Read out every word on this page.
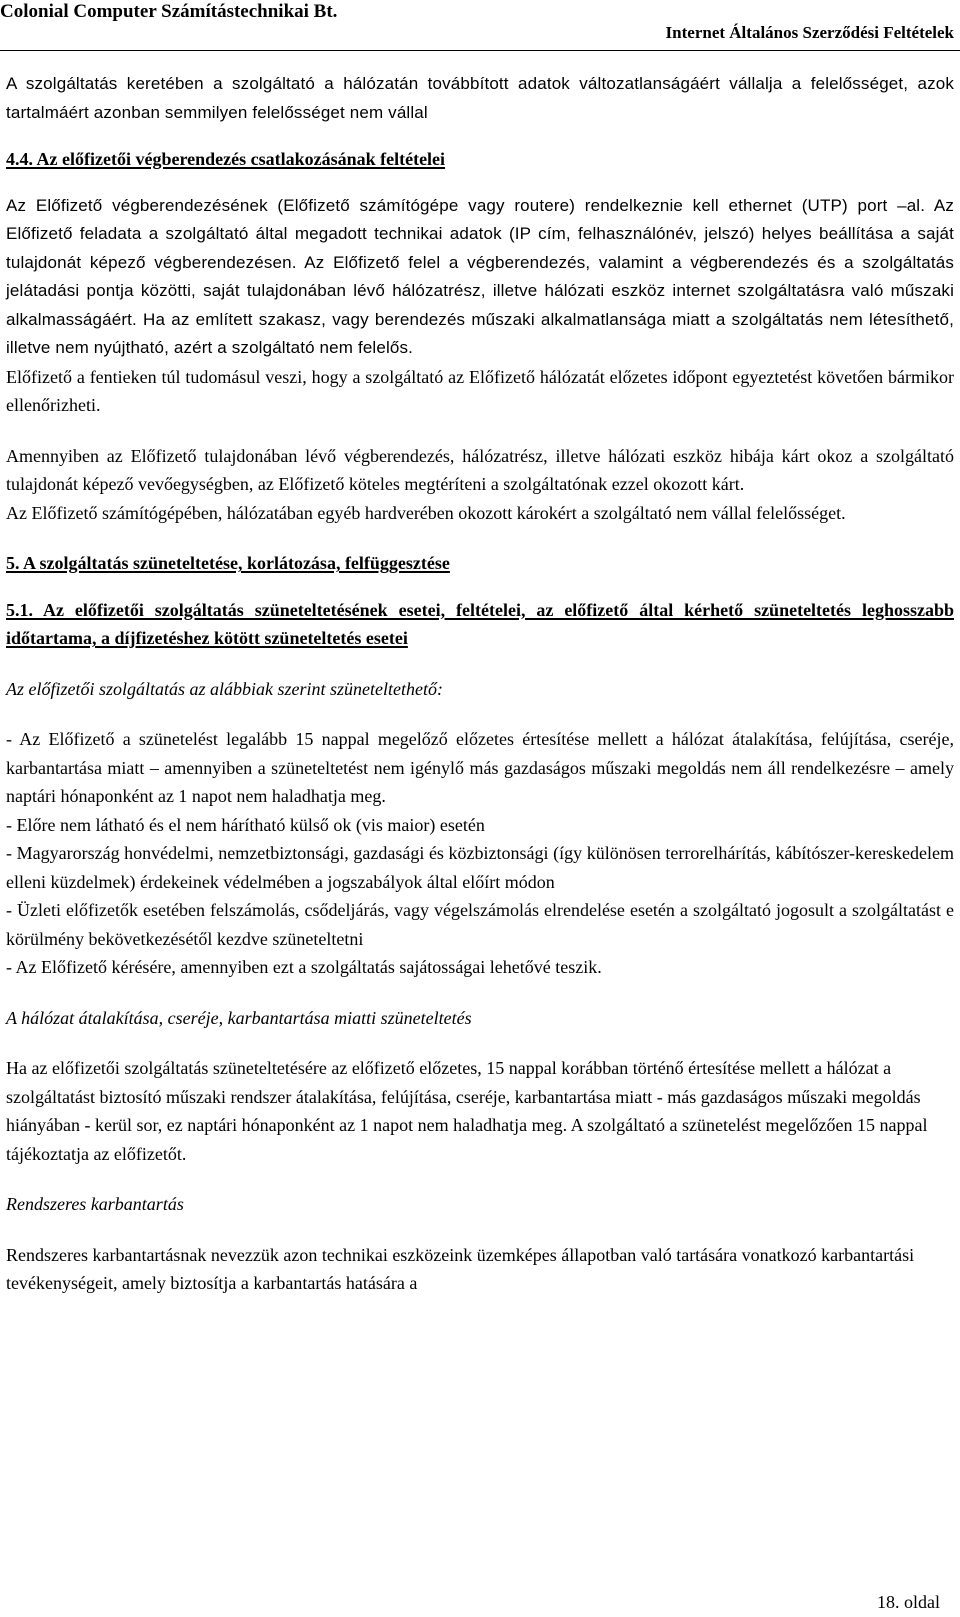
Colonial Computer Számítástechnikai Bt.
Internet Általános Szerződési Feltételek

A szolgáltatás keretében a szolgáltató a hálózatán továbbított adatok változatlanságáért vállalja a felelősséget, azok tartalmáért azonban semmilyen felelősséget nem vállal

4.4. Az előfizetői végberendezés csatlakozásának feltételei

Az Előfizető végberendezésének (Előfizető számítógépe vagy routere) rendelkeznie kell ethernet (UTP) port –al. Az Előfizető feladata a szolgáltató által megadott technikai adatok (IP cím, felhasználónév, jelszó) helyes beállítása a saját tulajdonát képező végberendezésen. Az Előfizető felel a végberendezés, valamint a végberendezés és a szolgáltatás jelátadási pontja közötti, saját tulajdonában lévő hálózatrész, illetve hálózati eszköz internet szolgáltatásra való műszaki alkalmasságáért. Ha az említett szakasz, vagy berendezés műszaki alkalmatlansága miatt a szolgáltatás nem létesíthető, illetve nem nyújtható, azért a szolgáltató nem felelős.

Előfizető a fentieken túl tudomásul veszi, hogy a szolgáltató az Előfizető hálózatát előzetes időpont egyeztetést követően bármikor ellenőrizheti.

Amennyiben az Előfizető tulajdonában lévő végberendezés, hálózatrész, illetve hálózati eszköz hibája kárt okoz a szolgáltató tulajdonát képező vevőegységben, az Előfizető köteles megtéríteni a szolgáltatónak ezzel okozott kárt.

Az Előfizető számítógépében, hálózatában egyéb hardverében okozott károkért a szolgáltató nem vállal felelősséget.

5. A szolgáltatás szüneteltetése, korlátozása, felfüggesztése

5.1. Az előfizetői szolgáltatás szüneteltetésének esetei, feltételei, az előfizető által kérhető szüneteltetés leghosszabb időtartama, a díjfizetéshez kötött szüneteltetés esetei

Az előfizetői szolgáltatás az alábbiak szerint szüneteltethető:

- Az Előfizető a szünetelést legalább 15 nappal megelőző előzetes értesítése mellett a hálózat átalakítása, felújítása, cseréje, karbantartása miatt – amennyiben a szüneteltetést nem igénylő más gazdaságos műszaki megoldás nem áll rendelkezésre – amely naptári hónaponként az 1 napot nem haladhatja meg.

- Előre nem látható és el nem hárítható külső ok (vis maior) esetén

- Magyarország honvédelmi, nemzetbiztonsági, gazdasági és közbiztonsági (így különösen terrorelhárítás, kábítószer-kereskedelem elleni küzdelmek) érdekeinek védelmében a jogszabályok által előírt módon

- Üzleti előfizetők esetében felszámolás, csődeljárás, vagy végelszámolás elrendelése esetén a szolgáltató jogosult a szolgáltatást e körülmény bekövetkezésétől kezdve szüneteltetni

- Az Előfizető kérésére, amennyiben ezt a szolgáltatás sajátosságai lehetővé teszik.

A hálózat átalakítása, cseréje, karbantartása miatti szüneteltetés

Ha az előfizetői szolgáltatás szüneteltetésére az előfizető előzetes, 15 nappal korábban történő értesítése mellett a hálózat a szolgáltatást biztosító műszaki rendszer átalakítása, felújítása, cseréje, karbantartása miatt - más gazdaságos műszaki megoldás hiányában - kerül sor, ez naptári hónaponként az 1 napot nem haladhatja meg. A szolgáltató a szünetelést megelőzően 15 nappal tájékoztatja az előfizetőt.

Rendszeres karbantartás

Rendszeres karbantartásnak nevezzük azon technikai eszközeink üzemképes állapotban való tartására vonatkozó karbantartási tevékenységeit, amely biztosítja a karbantartás hatására a

18. oldal
